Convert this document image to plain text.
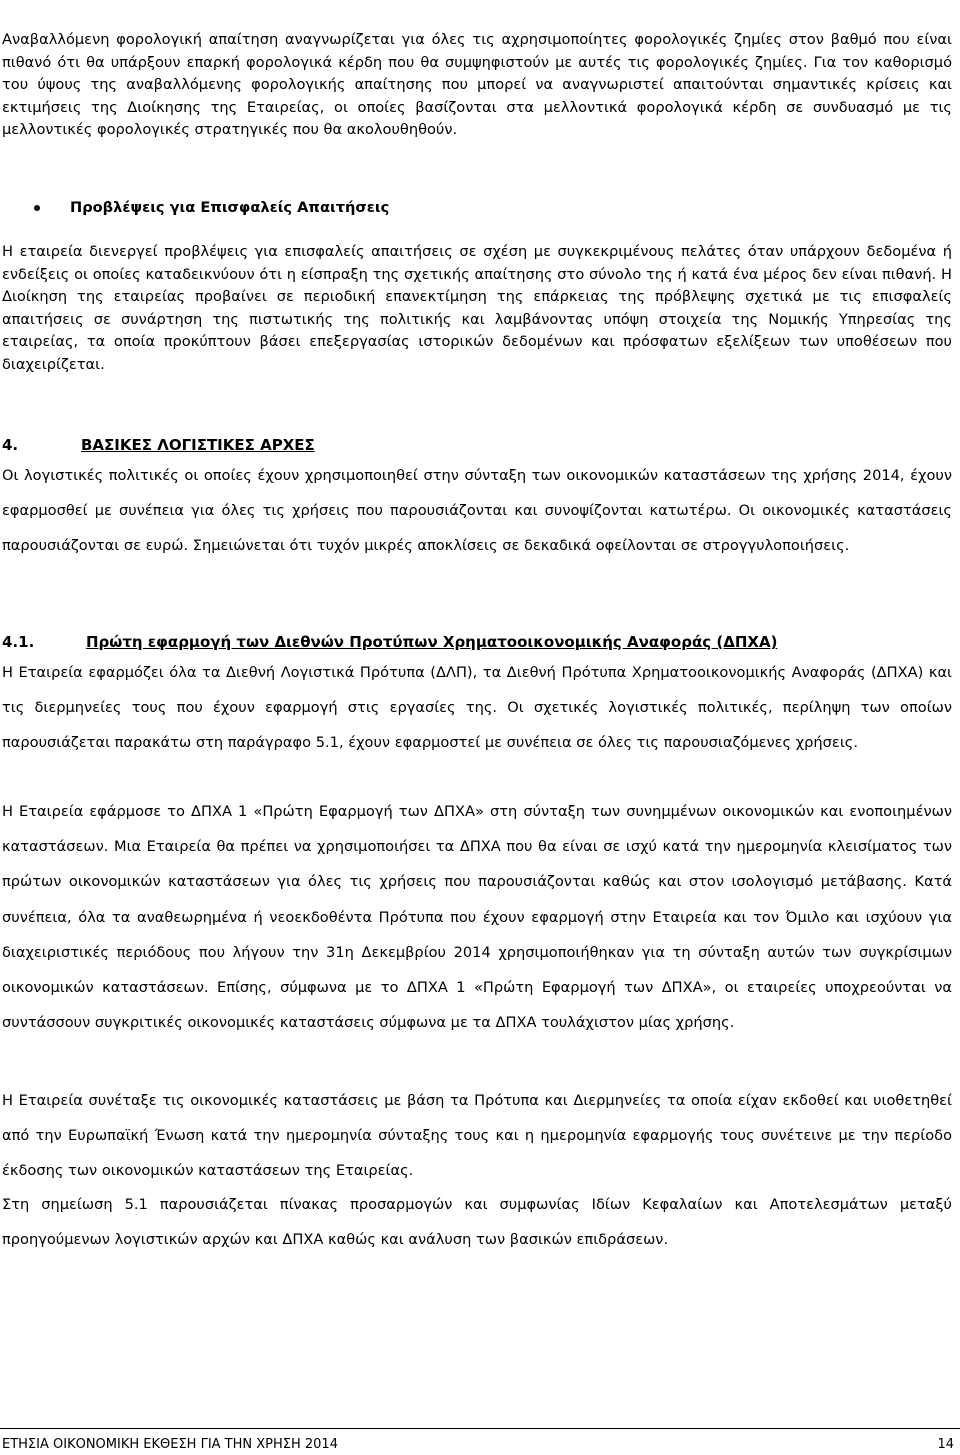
Αναβαλλόμενη φορολογική απαίτηση αναγνωρίζεται για όλες τις αχρησιμοποίητες φορολογικές ζημίες στον βαθμό που είναι πιθανό ότι θα υπάρξουν επαρκή φορολογικά κέρδη που θα συμψηφιστούν με αυτές τις φορολογικές ζημίες. Για τον καθορισμό του ύψους της αναβαλλόμενης φορολογικής απαίτησης που μπορεί να αναγνωριστεί απαιτούνται σημαντικές κρίσεις και εκτιμήσεις της Διοίκησης της Εταιρείας, οι οποίες βασίζονται στα μελλοντικά φορολογικά κέρδη σε συνδυασμό με τις μελλοντικές φορολογικές στρατηγικές που θα ακολουθηθούν.

Προβλέψεις για Επισφαλείς Απαιτήσεις

Η εταιρεία διενεργεί προβλέψεις για επισφαλείς απαιτήσεις σε σχέση με συγκεκριμένους πελάτες όταν υπάρχουν δεδομένα ή ενδείξεις οι οποίες καταδεικνύουν ότι η είσπραξη της σχετικής απαίτησης στο σύνολο της ή κατά ένα μέρος δεν είναι πιθανή. Η Διοίκηση της εταιρείας προβαίνει σε περιοδική επανεκτίμηση της επάρκειας της πρόβλεψης σχετικά με τις επισφαλείς απαιτήσεις σε συνάρτηση της πιστωτικής της πολιτικής και λαμβάνοντας υπόψη στοιχεία της Νομικής Υπηρεσίας της εταιρείας, τα οποία προκύπτουν βάσει επεξεργασίας ιστορικών δεδομένων και πρόσφατων εξελίξεων των υποθέσεων που διαχειρίζεται.

4.	ΒΑΣΙΚΕΣ ΛΟΓΙΣΤΙΚΕΣ ΑΡΧΕΣ

Οι λογιστικές πολιτικές οι οποίες έχουν χρησιμοποιηθεί στην σύνταξη των οικονομικών καταστάσεων της χρήσης 2014, έχουν εφαρμοσθεί με συνέπεια για όλες τις χρήσεις που παρουσιάζονται και συνοψίζονται κατωτέρω. Οι οικονομικές καταστάσεις παρουσιάζονται σε ευρώ. Σημειώνεται ότι τυχόν μικρές αποκλίσεις σε δεκαδικά οφείλονται σε στρογγυλοποιήσεις.

4.1.	Πρώτη εφαρμογή των Διεθνών Προτύπων Χρηματοοικονομικής Αναφοράς (ΔΠΧΑ)

Η Εταιρεία εφαρμόζει όλα τα Διεθνή Λογιστικά Πρότυπα (ΔΛΠ), τα Διεθνή Πρότυπα Χρηματοοικονομικής Αναφοράς (ΔΠΧΑ) και τις διερμηνείες τους που έχουν εφαρμογή στις εργασίες της. Οι σχετικές λογιστικές πολιτικές, περίληψη των οποίων παρουσιάζεται παρακάτω στη παράγραφο 5.1, έχουν εφαρμοστεί με συνέπεια σε όλες τις παρουσιαζόμενες χρήσεις.

Η Εταιρεία εφάρμοσε το ΔΠΧΑ 1 «Πρώτη Εφαρμογή των ΔΠΧΑ» στη σύνταξη των συνημμένων οικονομικών και ενοποιημένων καταστάσεων. Μια Εταιρεία θα πρέπει να χρησιμοποιήσει τα ΔΠΧΑ που θα είναι σε ισχύ κατά την ημερομηνία κλεισίματος των πρώτων οικονομικών καταστάσεων για όλες τις χρήσεις που παρουσιάζονται καθώς και στον ισολογισμό μετάβασης. Κατά συνέπεια, όλα τα αναθεωρημένα ή νεοεκδοθέντα Πρότυπα που έχουν εφαρμογή στην Εταιρεία και τον Όμιλο και ισχύουν για διαχειριστικές περιόδους που λήγουν την 31η Δεκεμβρίου 2014 χρησιμοποιήθηκαν για τη σύνταξη αυτών των συγκρίσιμων οικονομικών καταστάσεων. Επίσης, σύμφωνα με το ΔΠΧΑ 1 «Πρώτη Εφαρμογή των ΔΠΧΑ», οι εταιρείες υποχρεούνται να συντάσσουν συγκριτικές οικονομικές καταστάσεις σύμφωνα με τα ΔΠΧΑ τουλάχιστον μίας χρήσης.

Η Εταιρεία συνέταξε τις οικονομικές καταστάσεις με βάση τα Πρότυπα και Διερμηνείες τα οποία είχαν εκδοθεί και υιοθετηθεί από την Ευρωπαϊκή Ένωση κατά την ημερομηνία σύνταξης τους και η ημερομηνία εφαρμογής τους συνέτεινε με την περίοδο έκδοσης των οικονομικών καταστάσεων της Εταιρείας.

Στη σημείωση 5.1 παρουσιάζεται πίνακας προσαρμογών και συμφωνίας Ιδίων Κεφαλαίων και Αποτελεσμάτων μεταξύ προηγούμενων λογιστικών αρχών και ΔΠΧΑ καθώς και ανάλυση των βασικών επιδράσεων.

ΕΤΗΣΙΑ ΟΙΚΟΝΟΜΙΚΗ ΕΚΘΕΣΗ ΓΙΑ ΤΗΝ ΧΡΗΣΗ 2014	14
